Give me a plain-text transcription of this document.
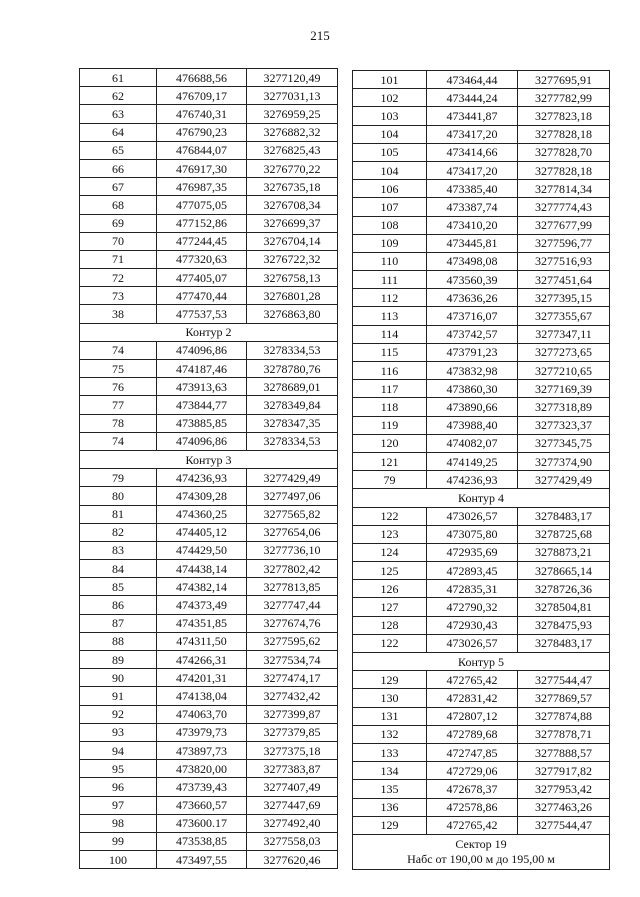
215
61	476688,56	3277120,49
62	476709,17	3277031,13
63	476740,31	3276959,25
64	476790,23	3276882,32
65	476844,07	3276825,43
66	476917,30	3276770,22
67	476987,35	3276735,18
68	477075,05	3276708,34
69	477152,86	3276699,37
70	477244,45	3276704,14
71	477320,63	3276722,32
72	477405,07	3276758,13
73	477470,44	3276801,28
38	477537,53	3276863,80
Контур 2		
74	474096,86	3278334,53
75	474187,46	3278780,76
76	473913,63	3278689,01
77	473844,77	3278349,84
78	473885,85	3278347,35
74	474096,86	3278334,53
Контур 3		
79	474236,93	3277429,49
80	474309,28	3277497,06
81	474360,25	3277565,82
82	474405,12	3277654,06
83	474429,50	3277736,10
84	474438,14	3277802,42
85	474382,14	3277813,85
86	474373,49	3277747,44
87	474351,85	3277674,76
88	474311,50	3277595,62
89	474266,31	3277534,74
90	474201,31	3277474,17
91	474138,04	3277432,42
92	474063,70	3277399,87
93	473979,73	3277379,85
94	473897,73	3277375,18
95	473820,00	3277383,87
96	473739,43	3277407,49
97	473660,57	3277447,69
98	473600.17	3277492,40
99	473538,85	3277558,03
100	473497,55	3277620,46
101	473464,44	3277695,91
102	473444,24	3277782,99
103	473441,87	3277823,18
104	473417,20	3277828,18
105	473414,66	3277828,70
104	473417,20	3277828,18
106	473385,40	3277814,34
107	473387,74	3277774,43
108	473410,20	3277677,99
109	473445,81	3277596,77
110	473498,08	3277516,93
111	473560,39	3277451,64
112	473636,26	3277395,15
113	473716,07	3277355,67
114	473742,57	3277347,11
115	473791,23	3277273,65
116	473832,98	3277210,65
117	473860,30	3277169,39
118	473890,66	3277318,89
119	473988,40	3277323,37
120	474082,07	3277345,75
121	474149,25	3277374,90
79	474236,93	3277429,49
Контур 4		
122	473026,57	3278483,17
123	473075,80	3278725,68
124	472935,69	3278873,21
125	472893,45	3278665,14
126	472835,31	3278726,36
127	472790,32	3278504,81
128	472930,43	3278475,93
122	473026,57	3278483,17
Контур 5		
129	472765,42	3277544,47
130	472831,42	3277869,57
131	472807,12	3277874,88
132	472789,68	3277878,71
133	472747,85	3277888,57
134	472729,06	3277917,82
135	472678,37	3277953,42
136	472578,86	3277463,26
129	472765,42	3277544,47

Сектор 19
Набс от 190,00 м до 195,00 м		
